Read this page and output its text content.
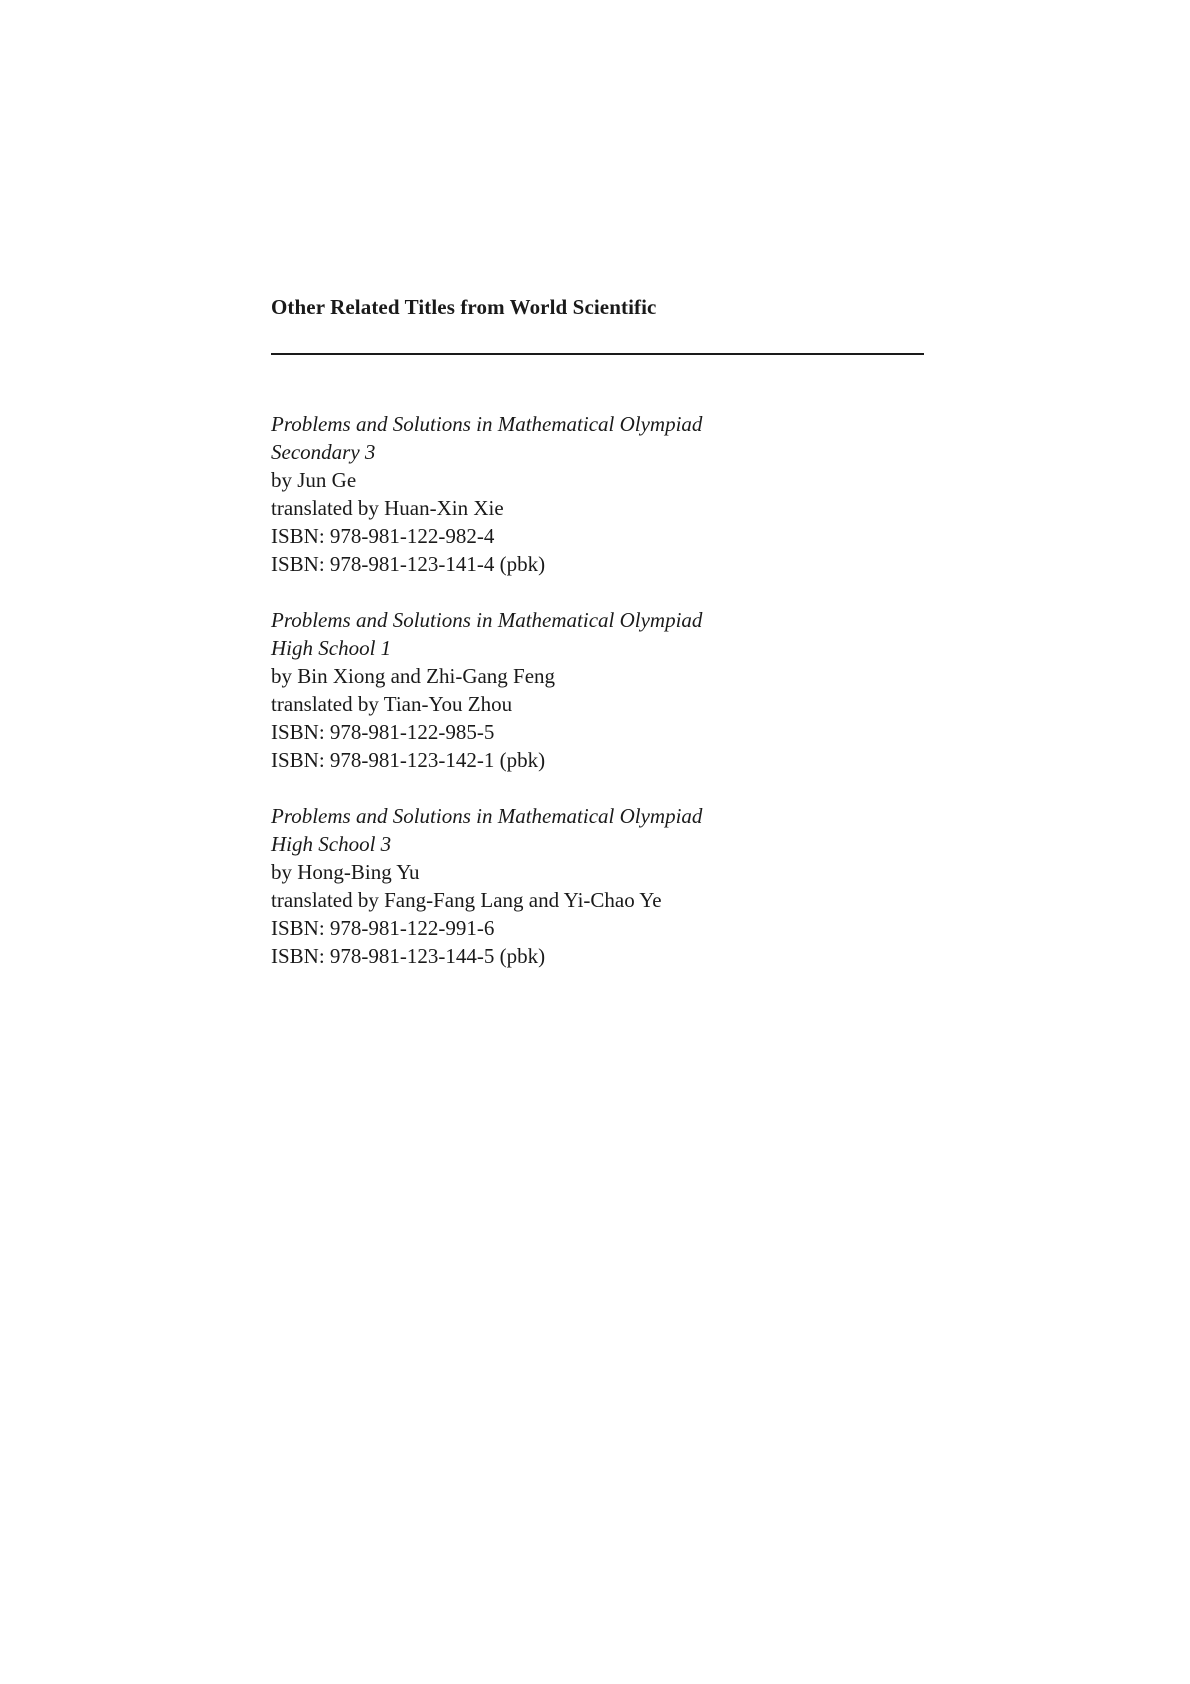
Other Related Titles from World Scientific
Problems and Solutions in Mathematical Olympiad
Secondary 3
by Jun Ge
translated by Huan-Xin Xie
ISBN: 978-981-122-982-4
ISBN: 978-981-123-141-4 (pbk)
Problems and Solutions in Mathematical Olympiad
High School 1
by Bin Xiong and Zhi-Gang Feng
translated by Tian-You Zhou
ISBN: 978-981-122-985-5
ISBN: 978-981-123-142-1 (pbk)
Problems and Solutions in Mathematical Olympiad
High School 3
by Hong-Bing Yu
translated by Fang-Fang Lang and Yi-Chao Ye
ISBN: 978-981-122-991-6
ISBN: 978-981-123-144-5 (pbk)
